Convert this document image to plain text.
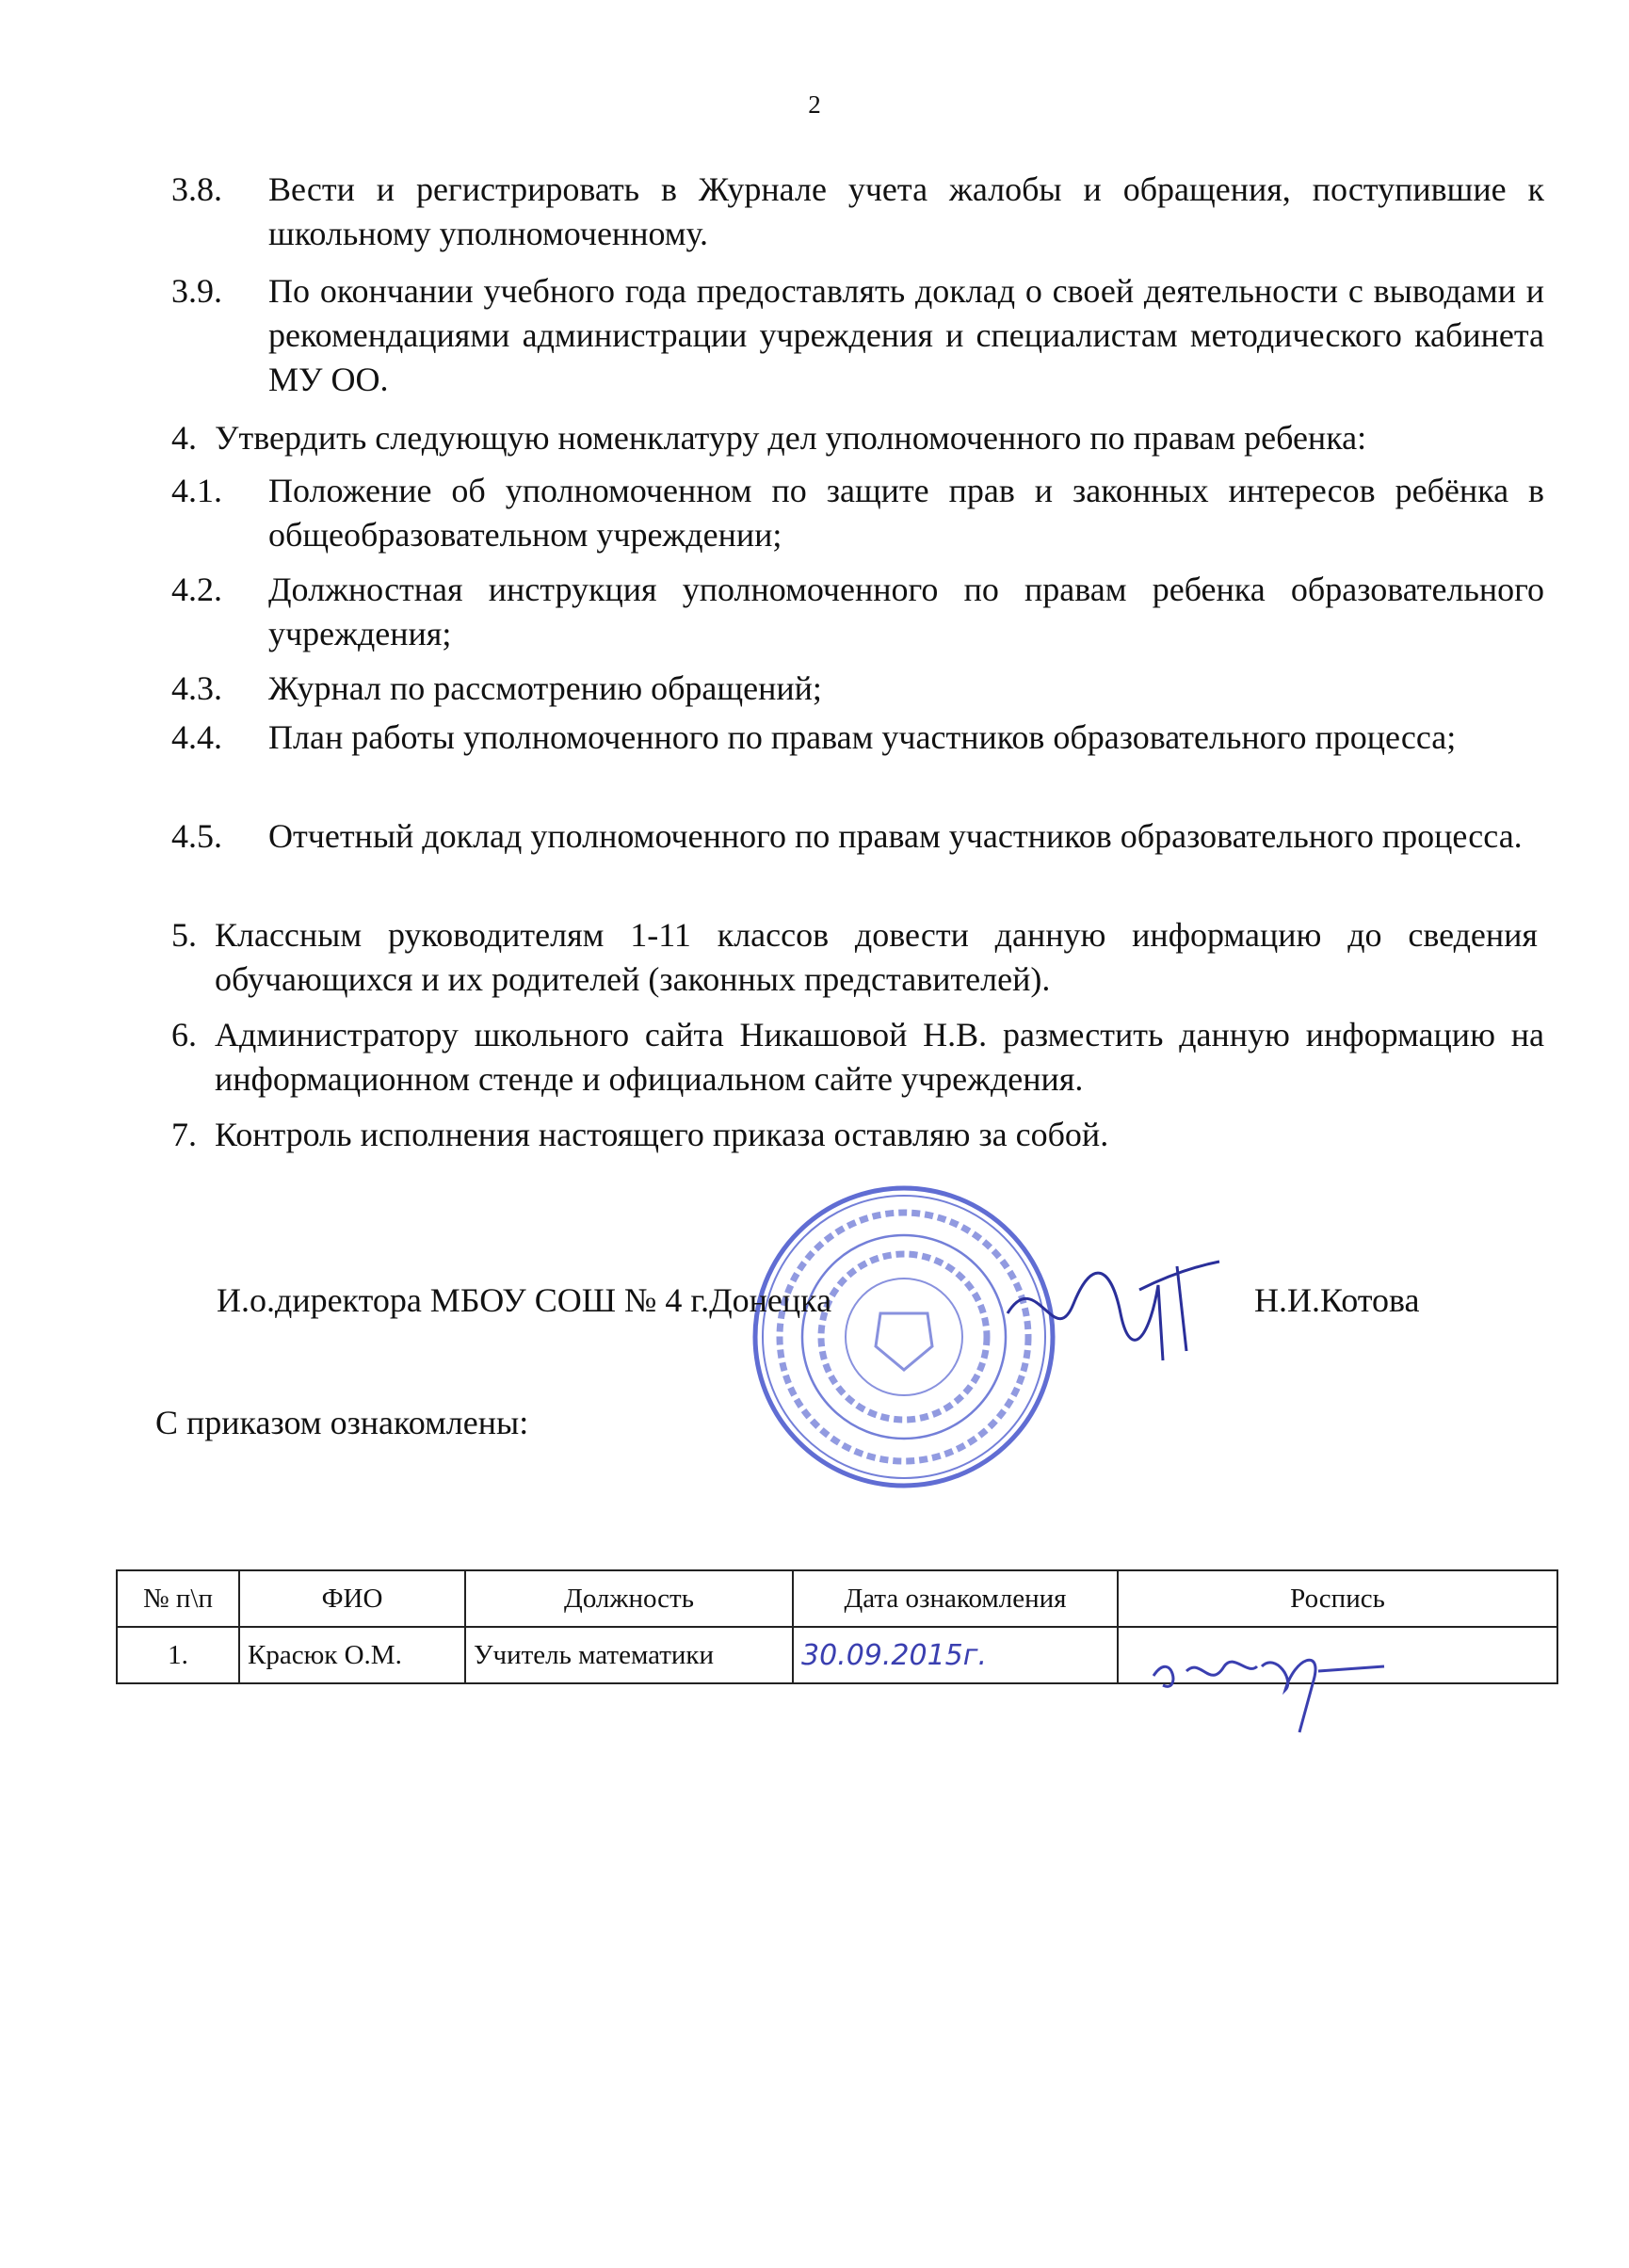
2
3.8. Вести и регистрировать в Журнале учета жалобы и обращения, поступившие к школьному уполномоченному.
3.9. По окончании учебного года предоставлять доклад о своей деятельности с выводами и рекомендациями администрации учреждения и специалистам методического кабинета МУ ОО.
4. Утвердить следующую номенклатуру дел уполномоченного по правам ребенка:
4.1. Положение об уполномоченном по защите прав и законных интересов ребёнка в общеобразовательном учреждении;
4.2. Должностная инструкция уполномоченного по правам ребенка образовательного учреждения;
4.3. Журнал по рассмотрению обращений;
4.4. План работы уполномоченного по правам участников образовательного процесса;
4.5. Отчетный доклад уполномоченного по правам участников образовательного процесса.
5. Классным руководителям 1-11 классов довести данную информацию до сведения обучающихся и их родителей (законных представителей).
6. Администратору школьного сайта Никашовой Н.В. разместить данную информацию на информационном стенде и официальном сайте учреждения.
7. Контроль исполнения настоящего приказа оставляю за собой.
И.о.директора МБОУ СОШ № 4 г.Донецка	Н.И.Котова
С приказом ознакомлены:
№ п\п	ФИО	Должность	Дата ознакомления	Роспись
1.	Красюк О.М.	Учитель математики	30.09.2015г.	
